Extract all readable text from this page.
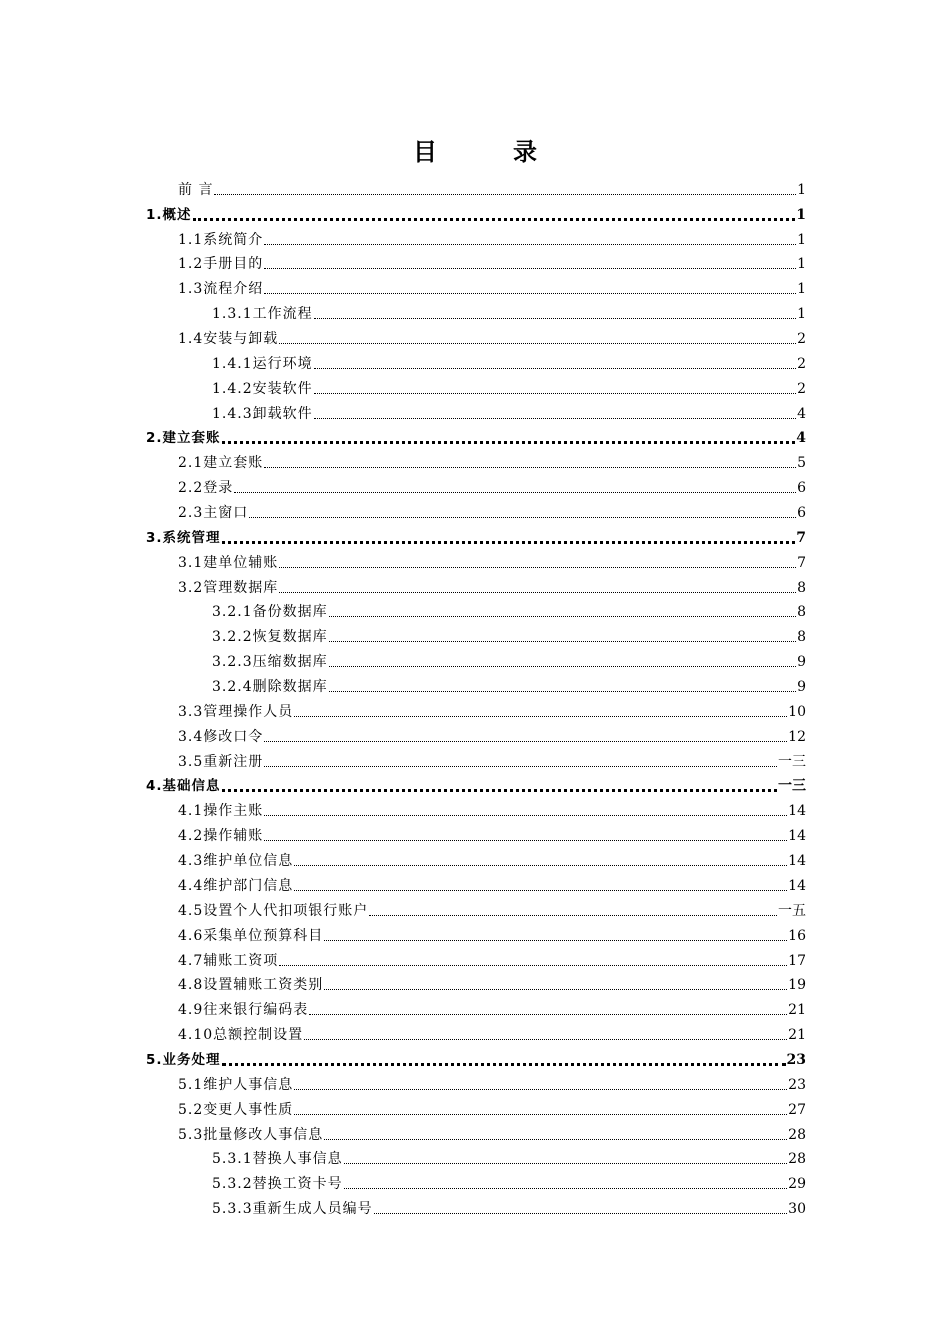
目　录
前 言	1
1.概述	1
1.1系统简介	1
1.2手册目的	1
1.3流程介绍	1
1.3.1工作流程	1
1.4安装与卸载	2
1.4.1运行环境	2
1.4.2安装软件	2
1.4.3卸载软件	4
2.建立套账	4
2.1建立套账	5
2.2登录	6
2.3主窗口	6
3.系统管理	7
3.1建单位辅账	7
3.2管理数据库	8
3.2.1备份数据库	8
3.2.2恢复数据库	8
3.2.3压缩数据库	9
3.2.4删除数据库	9
3.3管理操作人员	10
3.4修改口令	12
3.5重新注册	一三
4.基础信息	一三
4.1操作主账	14
4.2操作辅账	14
4.3维护单位信息	14
4.4维护部门信息	14
4.5设置个人代扣项银行账户	一五
4.6采集单位预算科目	16
4.7辅账工资项	17
4.8设置辅账工资类别	19
4.9往来银行编码表	21
4.10总额控制设置	21
5.业务处理	23
5.1维护人事信息	23
5.2变更人事性质	27
5.3批量修改人事信息	28
5.3.1替换人事信息	28
5.3.2替换工资卡号	29
5.3.3重新生成人员编号	30
